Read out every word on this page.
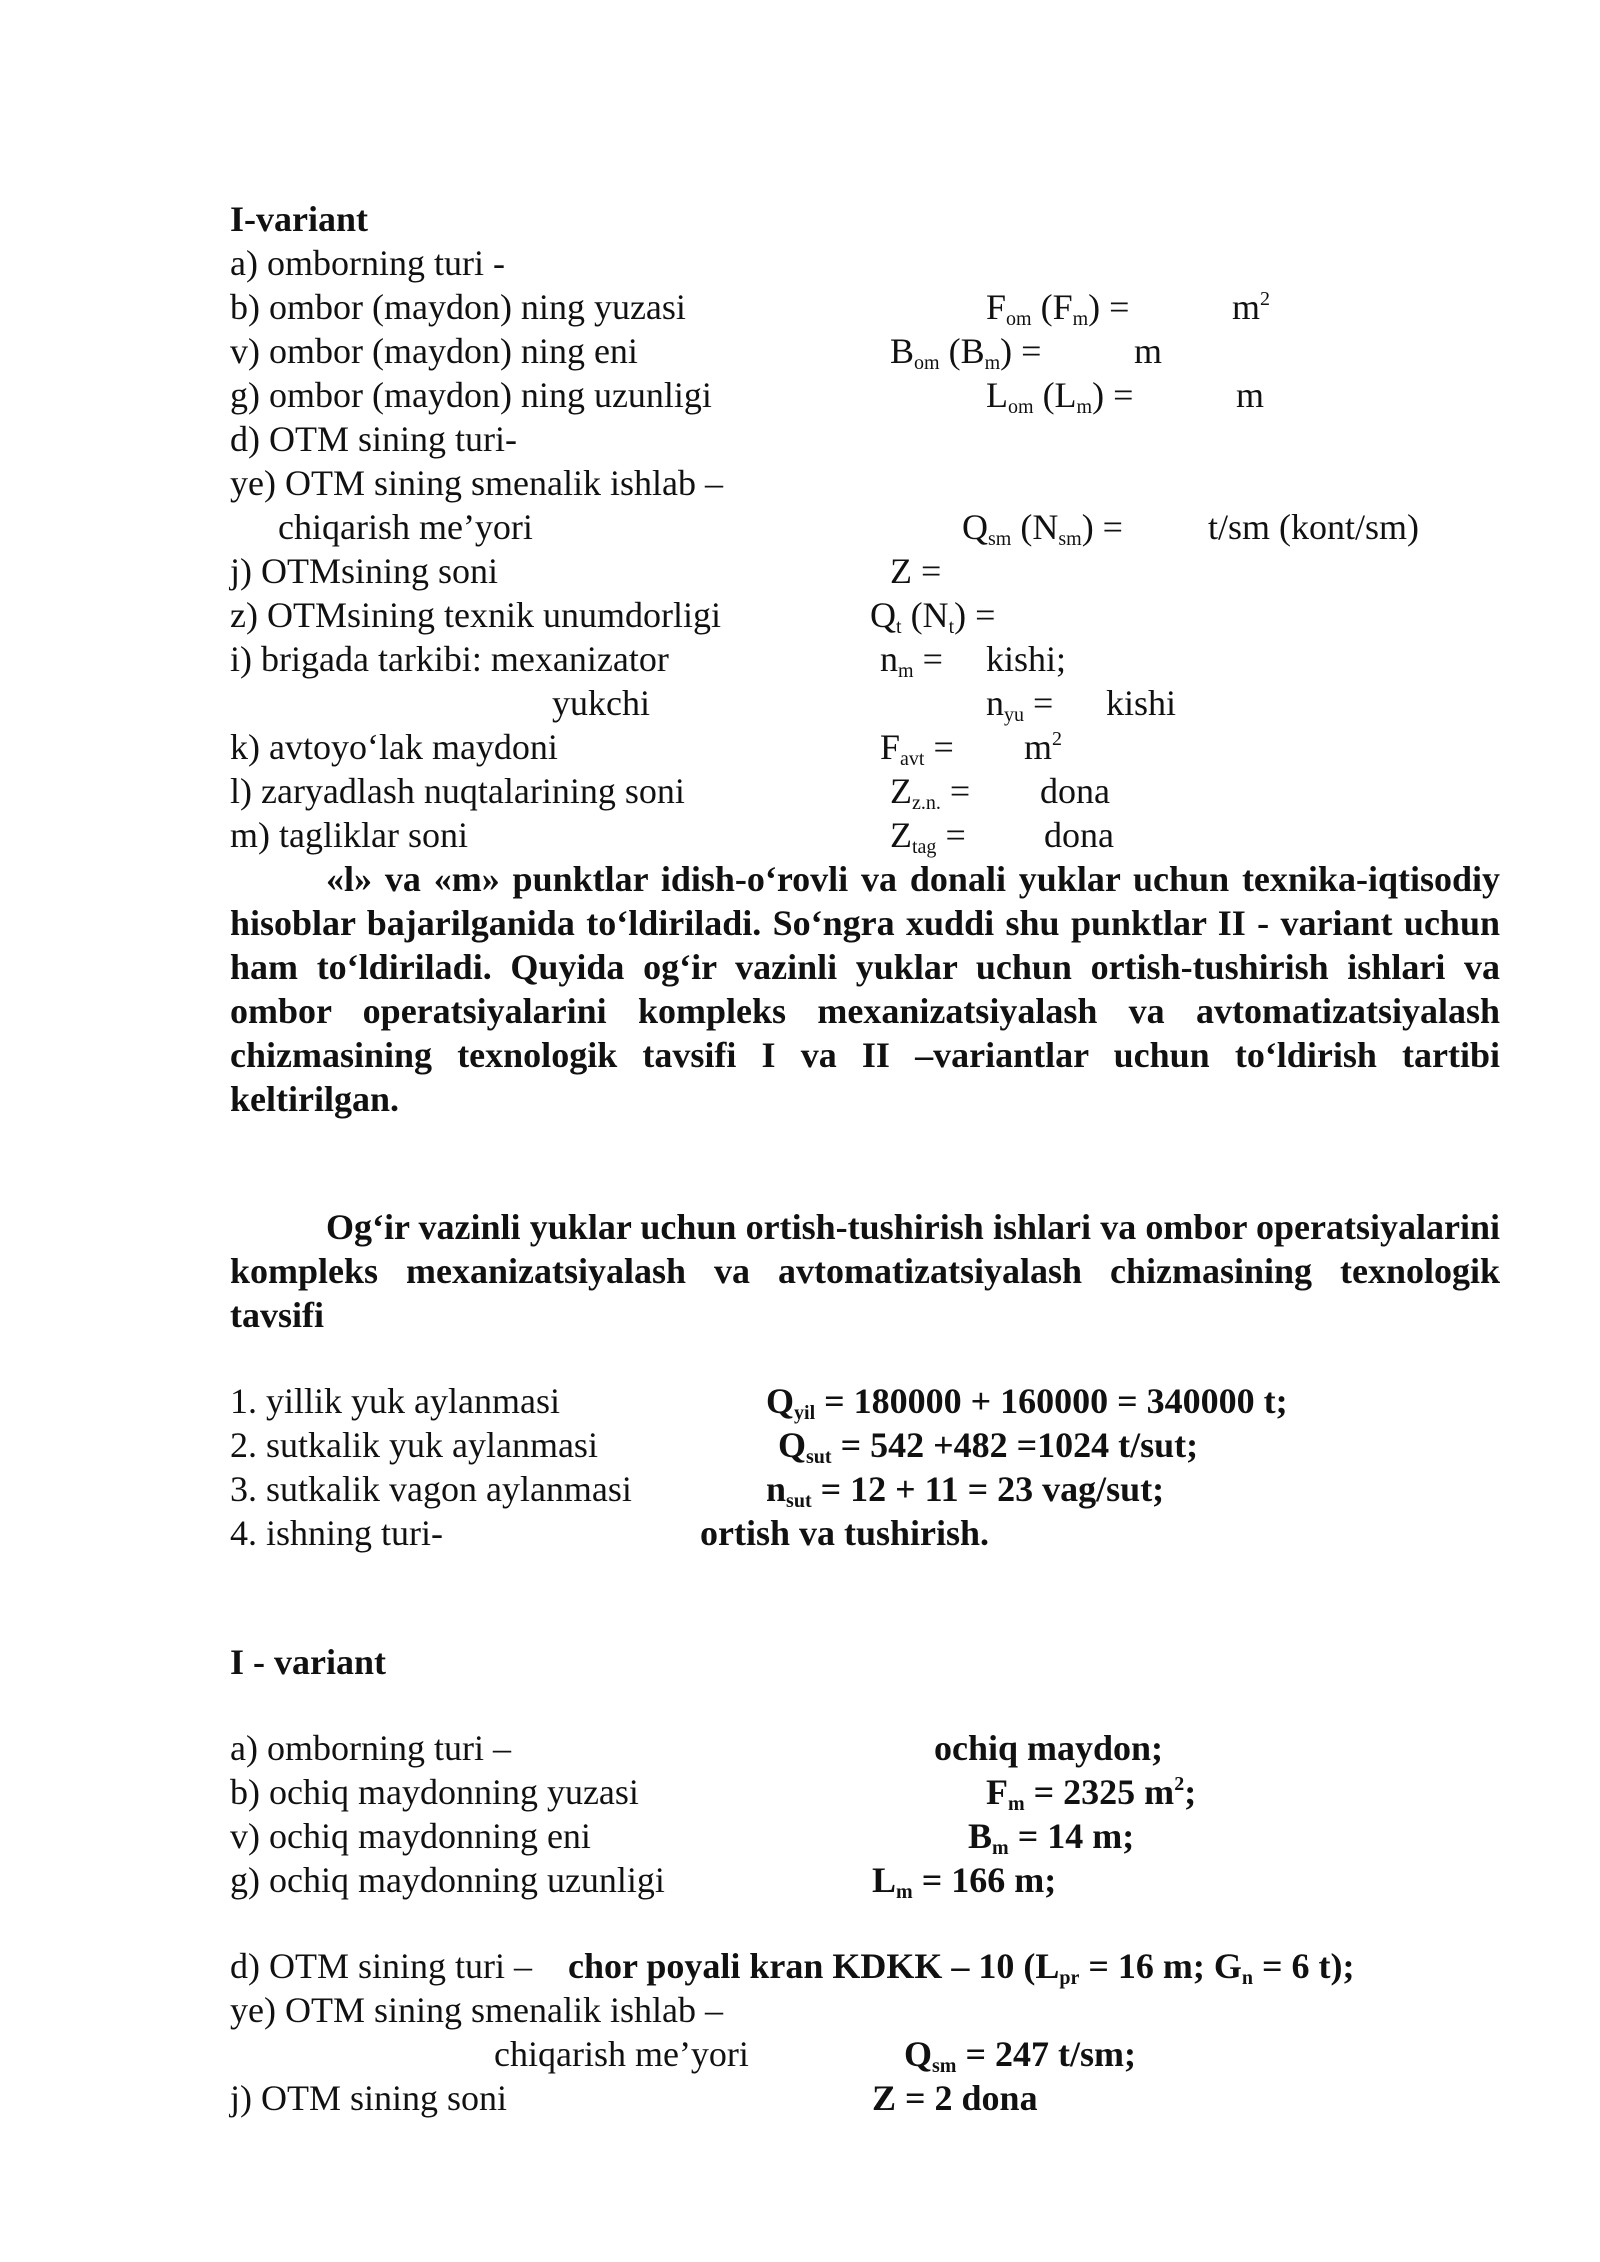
I-variant
a) omborning turi -
b) ombor (maydon) ning yuzasi	$F_{om}$ $(F_m)$ =	$m^2$
v) ombor (maydon) ning eni	$B_{om}$ $(B_m)$ =	m
g) ombor (maydon) ning uzunligi	$L_{om}$ $(L_m)$ =	m
d) OTM sining turi-
ye) OTM sining smenalik ishlab –
chiqarish me’yori	$Q_{sm}$ $(N_{sm}) = t/sm$ (kont/sm)
j) OTMsining soni	Z =
z) OTMsining texnik unumdorligi	$Q_t$ $(N_t)$ =
i) brigada tarkibi: mexanizator	$n_m$ = kishi;
yukchi	$n_{yu}$ = kishi
k) avtoyo‘lak maydoni	$F_{avt} = m^2$
l) zaryadlash nuqtalarining soni	$Z_{z.n.}$ = dona
m) tagliklar soni	$Z_{tag}$ = dona
«l» va «m» punktlar idish-o‘rovli va donali yuklar uchun texnika-iqtisodiy hisoblar bajarilganida to‘ldiriladi. So‘ngra xuddi shu punktlar II - variant uchun ham to‘ldiriladi. Quyida og‘ir vazinli yuklar uchun ortish-tushirish ishlari va ombor operatsiyalarini kompleks mexanizatsiyalash va avtomatizatsiyalash chizmasining texnologik tavsifi I va II –variantlar uchun to‘ldirish tartibi keltirilgan.
Og‘ir vazinli yuklar uchun ortish-tushirish ishlari va ombor operatsiyalarini kompleks mexanizatsiyalash va avtomatizatsiyalash chizmasining texnologik tavsifi
1. yillik yuk aylanmasi	$Q_{yil} = 180000 + 160000 = 340000$ t;
2. sutkalik yuk aylanmasi	$Q_{sut} = 542 +482 =1024$ t/sut;
3. sutkalik vagon aylanmasi	$n_{sut} = 12 + 11 = 23$ vag/sut;
4. ishning turi-	ortish va tushirish.
I - variant
a) omborning turi –	ochiq maydon;
b) ochiq maydonning yuzasi	$F_m = 2325$ $m^2$;
v) ochiq maydonning eni	$B_m = 14$ m;
g) ochiq maydonning uzunligi	$L_m = 166$ m;
d) OTM sining turi – chor poyali kran KDKK – 10 ($L_{pr} = 16$ m; $G_n = 6$ t);
ye) OTM sining smenalik ishlab –
chiqarish me’yori	$Q_{sm} = 247$ t/sm;
j) OTM sining soni	Z = 2 dona
